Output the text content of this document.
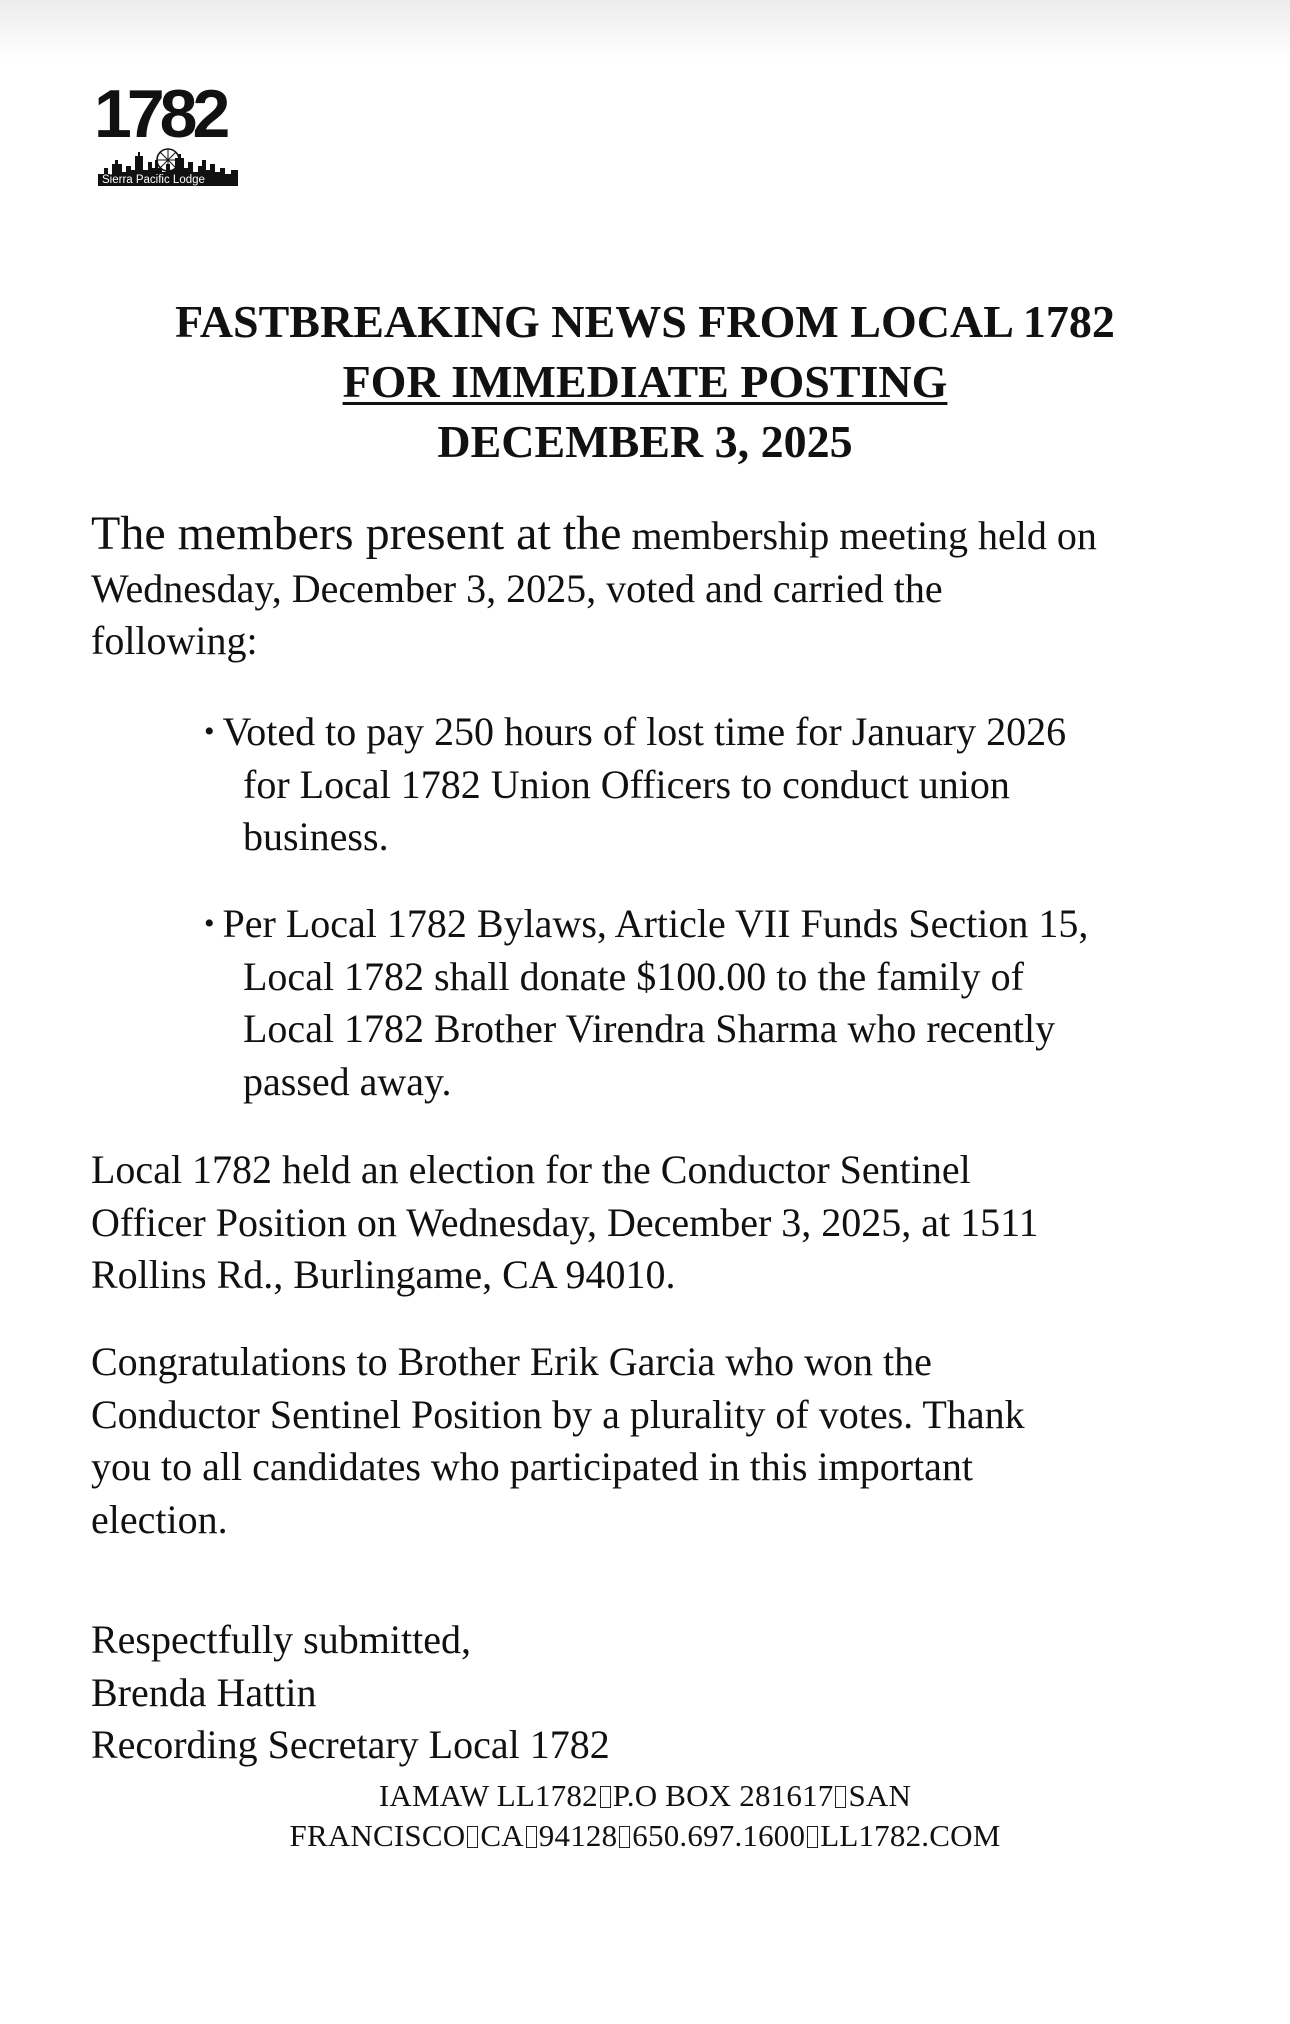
1782
Sierra Pacific Lodge
FASTBREAKING NEWS FROM LOCAL 1782
FOR IMMEDIATE POSTING
DECEMBER 3, 2025
The members present at the membership meeting held on
Wednesday, December 3, 2025, voted and carried the
following:
• Voted to pay 250 hours of lost time for January 2026
for Local 1782 Union Officers to conduct union
business.
• Per Local 1782 Bylaws, Article VII Funds Section 15,
Local 1782 shall donate $100.00 to the family of
Local 1782 Brother Virendra Sharma who recently
passed away.
Local 1782 held an election for the Conductor Sentinel
Officer Position on Wednesday, December 3, 2025, at 1511
Rollins Rd., Burlingame, CA 94010.
Congratulations to Brother Erik Garcia who won the
Conductor Sentinel Position by a plurality of votes. Thank
you to all candidates who participated in this important
election.
Respectfully submitted,
Brenda Hattin
Recording Secretary Local 1782
IAMAW LL1782 P.O BOX 281617 SAN
FRANCISCO CA 94128 650.697.1600 LL1782.COM
